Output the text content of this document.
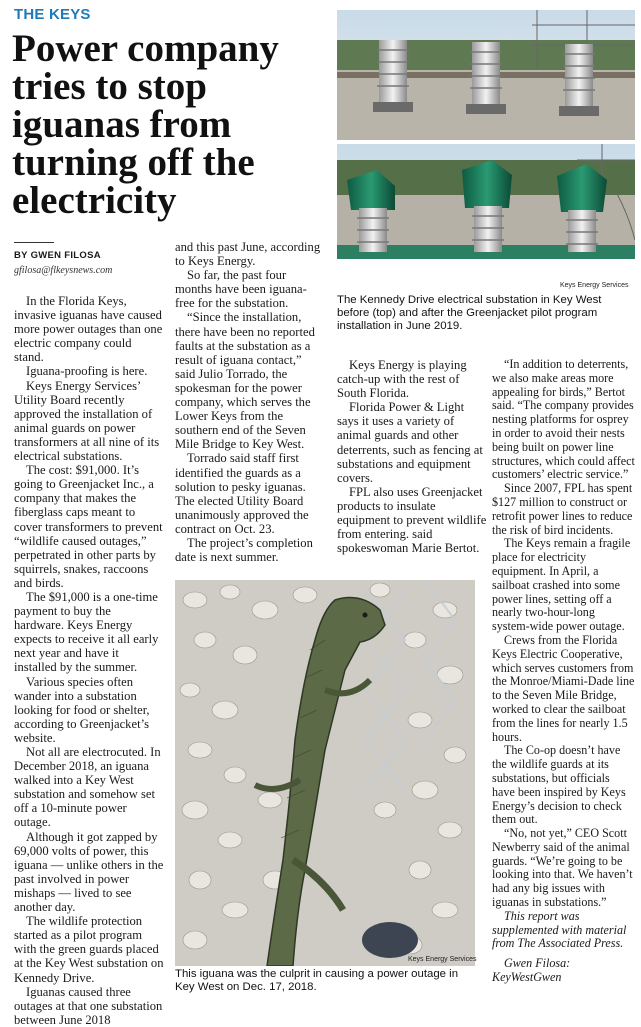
THE KEYS
Power company tries to stop iguanas from turning off the electricity
BY GWEN FILOSA
gfilosa@flkeysnews.com
Keys Energy Services
The Kennedy Drive electrical substation in Key West before (top) and after the Greenjacket pilot program installation in June 2019.
Keys Energy Services
This iguana was the culprit in causing a power outage in Key West on Dec. 17, 2018.

In the Florida Keys, invasive iguanas have caused more power outages than one electric company could stand.

Iguana-proofing is here.

Keys Energy Services’ Utility Board recently approved the installation of animal guards on power transformers at all nine of its electrical substations.

The cost: $91,000. It’s going to Greenjacket Inc., a company that makes the fiberglass caps meant to cover transformers to prevent “wildlife caused outages,” perpetrated in other parts by squirrels, snakes, raccoons and birds.

The $91,000 is a one-time payment to buy the hardware. Keys Energy expects to receive it all early next year and have it installed by the summer.

Various species often wander into a substation looking for food or shelter, according to Greenjacket’s website.

Not all are electrocuted. In December 2018, an iguana walked into a Key West substation and somehow set off a 10-minute power outage.

Although it got zapped by 69,000 volts of power, this iguana — unlike others in the past involved in power mishaps — lived to see another day.

The wildlife protection started as a pilot program with the green guards placed at the Key West substation on Kennedy Drive.

Iguanas caused three outages at that one substation between June 2018

and this past June, according to Keys Energy.

So far, the past four months have been iguana-free for the substation.

“Since the installation, there have been no reported faults at the substation as a result of iguana contact,” said Julio Torrado, the spokesman for the power company, which serves the Lower Keys from the southern end of the Seven Mile Bridge to Key West.

Torrado said staff first identified the guards as a solution to pesky iguanas. The elected Utility Board unanimously approved the contract on Oct. 23.

The project’s completion date is next summer.

Keys Energy is playing catch-up with the rest of South Florida.

Florida Power & Light says it uses a variety of animal guards and other deterrents, such as fencing at substations and equipment covers.

FPL also uses Greenjacket products to insulate equipment to prevent wildlife from entering. said spokeswoman Marie Bertot.

“In addition to deterrents, we also make areas more appealing for birds,” Bertot said. “The company provides nesting platforms for osprey in order to avoid their nests being built on power line structures, which could affect customers’ electric service.”

Since 2007, FPL has spent $127 million to construct or retrofit power lines to reduce the risk of bird incidents.

The Keys remain a fragile place for electricity equipment. In April, a sailboat crashed into some power lines, setting off a nearly two-hour-long system-wide power outage.

Crews from the Florida Keys Electric Cooperative, which serves customers from the Monroe/Miami-Dade line to the Seven Mile Bridge, worked to clear the sailboat from the lines for nearly 1.5 hours.

The Co-op doesn’t have the wildlife guards at its substations, but officials have been inspired by Keys Energy’s decision to check them out.

“No, not yet,” CEO Scott Newberry said of the animal guards. “We’re going to be looking into that. We haven’t had any big issues with iguanas in substations.”

This report was supplemented with material from The Associated Press.

Gwen Filosa: KeyWestGwen
